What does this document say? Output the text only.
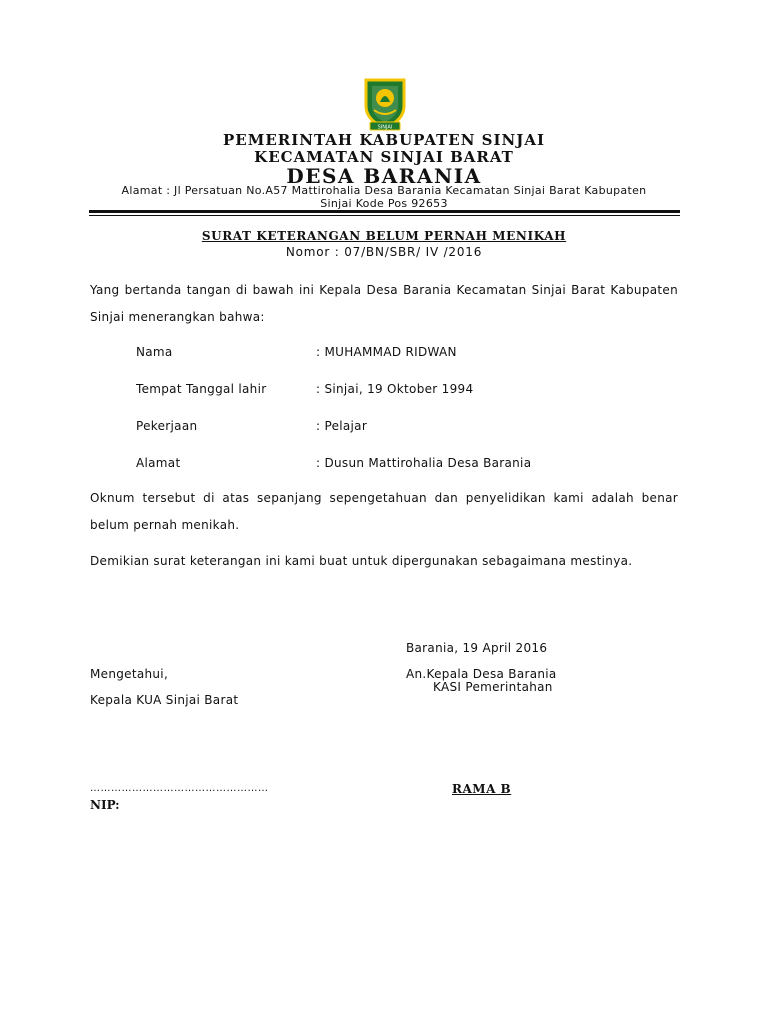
SINJAI
PEMERINTAH KABUPATEN SINJAI
KECAMATAN SINJAI BARAT
DESA BARANIA
Alamat : Jl Persatuan No.A57 Mattirohalia Desa Barania Kecamatan Sinjai Barat Kabupaten
Sinjai Kode Pos 92653
SURAT KETERANGAN BELUM PERNAH MENIKAH
Nomor : 07/BN/SBR/ IV /2016
Yang bertanda tangan di bawah ini Kepala Desa Barania Kecamatan Sinjai Barat Kabupaten Sinjai menerangkan bahwa:
Nama	: MUHAMMAD RIDWAN
Tempat Tanggal lahir	: Sinjai, 19 Oktober 1994
Pekerjaan	: Pelajar
Alamat	: Dusun Mattirohalia Desa Barania
Oknum tersebut di atas sepanjang sepengetahuan dan penyelidikan kami adalah benar belum pernah menikah.
Demikian surat keterangan ini kami buat untuk dipergunakan sebagaimana mestinya.
Barania, 19 April 2016
Mengetahui,	An.Kepala Desa Barania
KASI Pemerintahan
Kepala KUA Sinjai Barat
……………………………………………	RAMA B
NIP:
